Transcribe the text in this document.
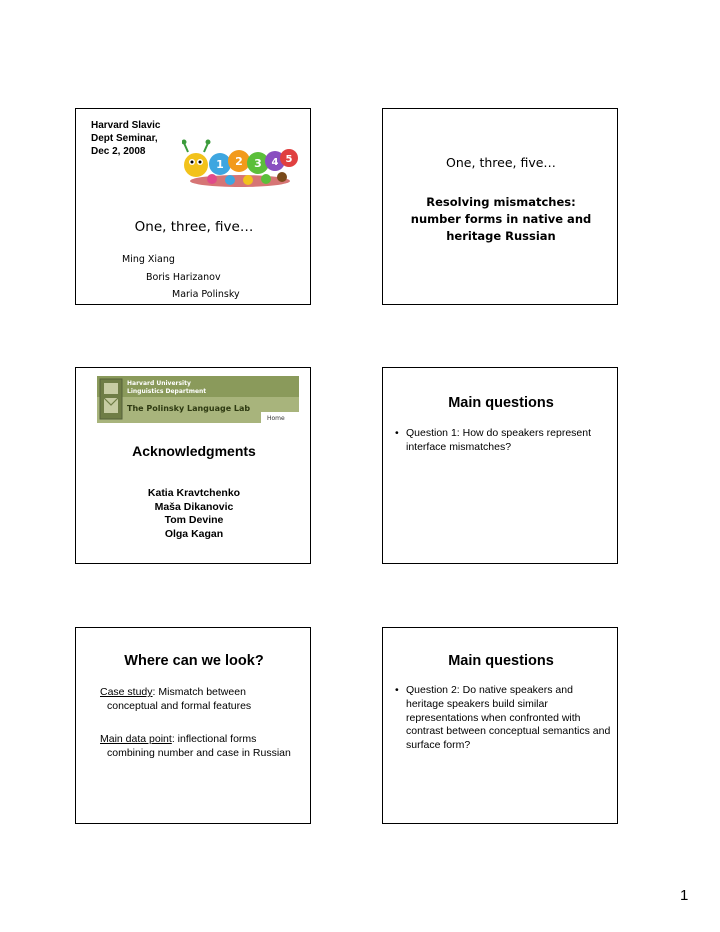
Harvard Slavic
Dept Seminar,
Dec 2, 2008
1 2 3 4 5
One, three, five…
Ming Xiang
Boris Harizanov
Maria Polinsky
One, three, five…
Resolving mismatches:
number forms in native and
heritage Russian
Harvard University
Linguistics Department
The Polinsky Language Lab
Home
Acknowledgments
Katia Kravtchenko
Maša Dikanovic
Tom Devine
Olga Kagan
Main questions
• Question 1: How do speakers represent interface mismatches?
Where can we look?
Case study: Mismatch between
conceptual and formal features
Main data point: inflectional forms
combining number and case in Russian
Main questions
• Question 2: Do native speakers and heritage speakers build similar representations when confronted with contrast between conceptual semantics and surface form?
1
